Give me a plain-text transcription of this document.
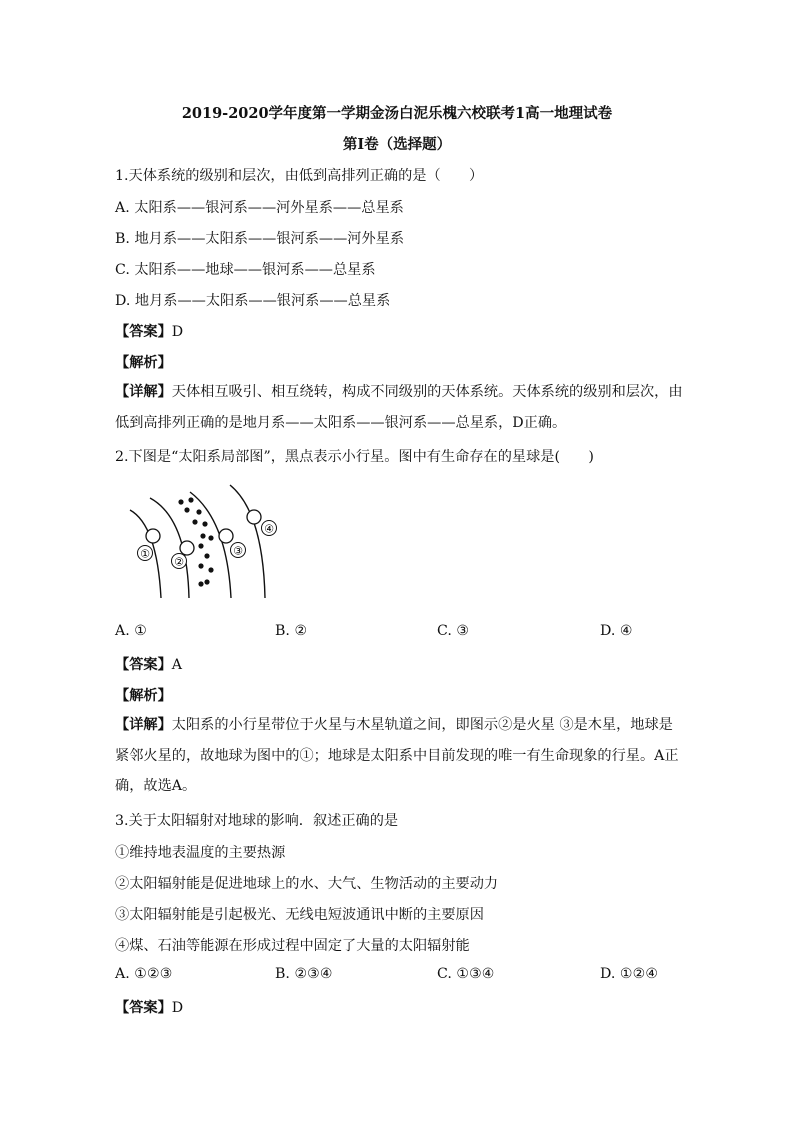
2019-2020学年度第一学期金汤白泥乐槐六校联考1高一地理试卷
第Ⅰ卷（选择题）
1.天体系统的级别和层次，由低到高排列正确的是（　　）
A. 太阳系——银河系——河外星系——总星系
B. 地月系——太阳系——银河系——河外星系
C. 太阳系——地球——银河系——总星系
D. 地月系——太阳系——银河系——总星系
【答案】D
【解析】
【详解】天体相互吸引、相互绕转，构成不同级别的天体系统。天体系统的级别和层次，由低到高排列正确的是地月系——太阳系——银河系——总星系，D正确。
2.下图是“太阳系局部图”，黑点表示小行星。图中有生命存在的星球是(　　)
①
②
③
④
A. ①	B. ②	C. ③	D. ④
【答案】A
【解析】
【详解】太阳系的小行星带位于火星与木星轨道之间，即图示②是火星 ③是木星，地球是紧邻火星的，故地球为图中的①；地球是太阳系中目前发现的唯一有生命现象的行星。A正确，故选A。
3.关于太阳辐射对地球的影响．叙述正确的是
①维持地表温度的主要热源
②太阳辐射能是促进地球上的水、大气、生物活动的主要动力
③太阳辐射能是引起极光、无线电短波通讯中断的主要原因
④煤、石油等能源在形成过程中固定了大量的太阳辐射能
A. ①②③	B. ②③④	C. ①③④	D. ①②④
【答案】D
